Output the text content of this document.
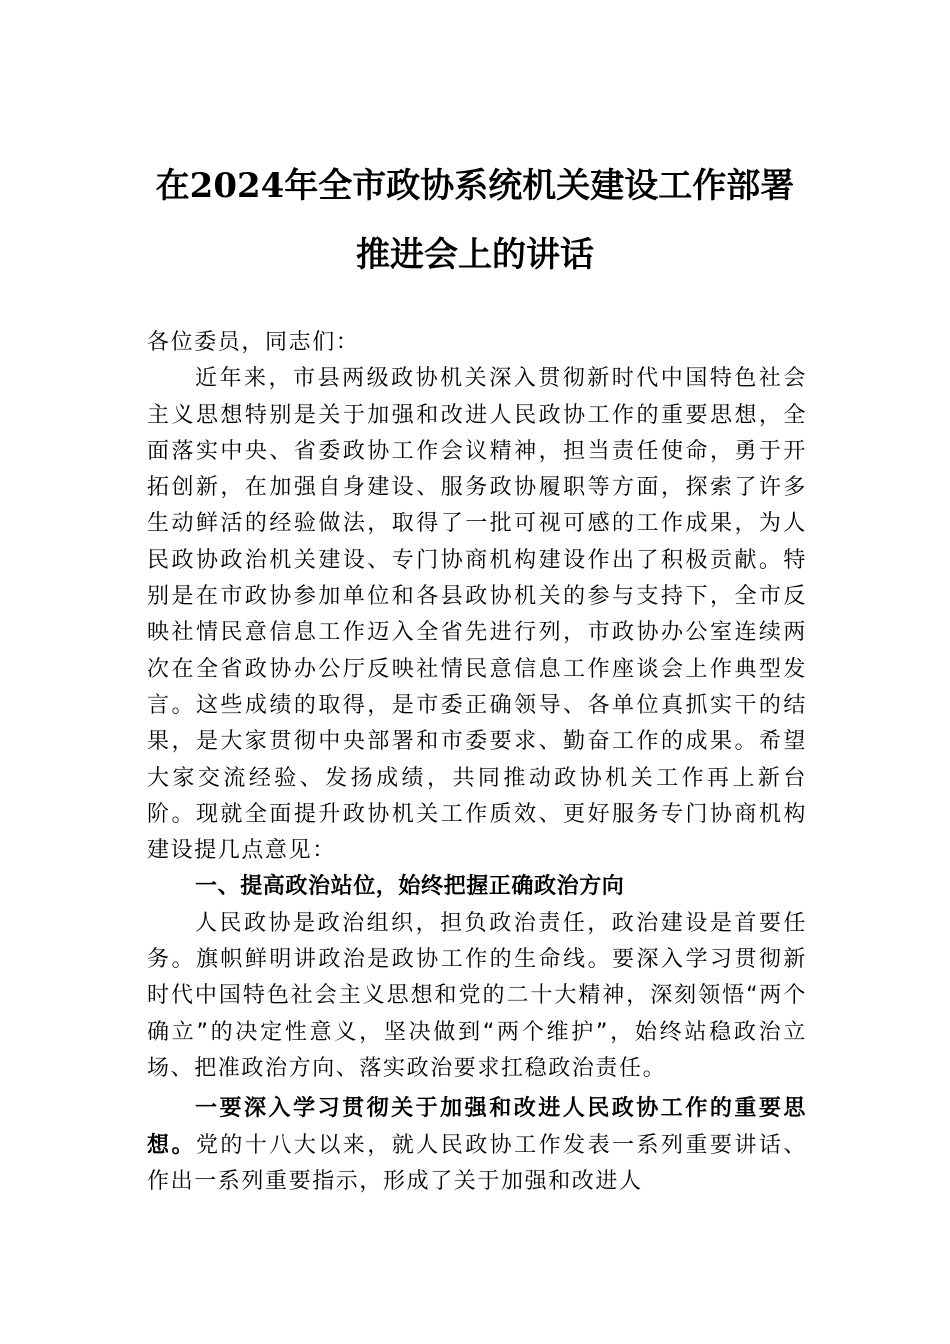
在2024年全市政协系统机关建设工作部署
推进会上的讲话

各位委员，同志们：

近年来，市县两级政协机关深入贯彻新时代中国特色社会主义思想特别是关于加强和改进人民政协工作的重要思想，全面落实中央、省委政协工作会议精神，担当责任使命，勇于开拓创新，在加强自身建设、服务政协履职等方面，探索了许多生动鲜活的经验做法，取得了一批可视可感的工作成果，为人民政协政治机关建设、专门协商机构建设作出了积极贡献。特别是在市政协参加单位和各县政协机关的参与支持下，全市反映社情民意信息工作迈入全省先进行列，市政协办公室连续两次在全省政协办公厅反映社情民意信息工作座谈会上作典型发言。这些成绩的取得，是市委正确领导、各单位真抓实干的结果，是大家贯彻中央部署和市委要求、勤奋工作的成果。希望大家交流经验、发扬成绩，共同推动政协机关工作再上新台阶。现就全面提升政协机关工作质效、更好服务专门协商机构建设提几点意见：

一、提高政治站位，始终把握正确政治方向

人民政协是政治组织，担负政治责任，政治建设是首要任务。旗帜鲜明讲政治是政协工作的生命线。要深入学习贯彻新时代中国特色社会主义思想和党的二十大精神，深刻领悟“两个确立”的决定性意义，坚决做到“两个维护”，始终站稳政治立场、把准政治方向、落实政治要求扛稳政治责任。

一要深入学习贯彻关于加强和改进人民政协工作的重要思想。党的十八大以来，就人民政协工作发表一系列重要讲话、作出一系列重要指示，形成了关于加强和改进人
